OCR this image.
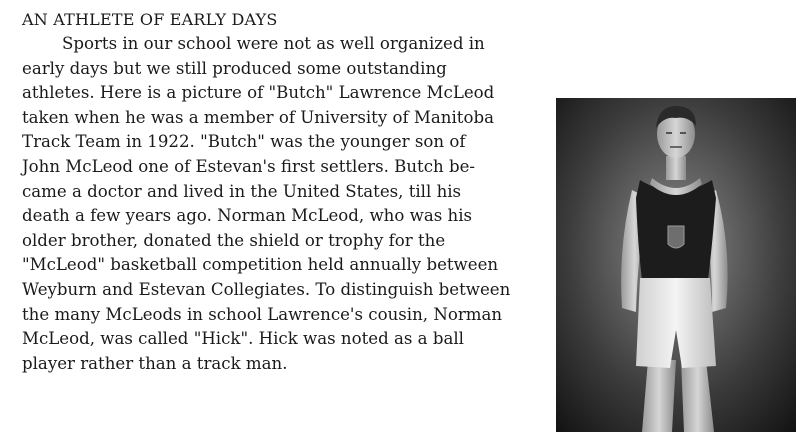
AN ATHLETE OF EARLY DAYS
Sports in our school were not as well organized in
early days but we still produced some outstanding
athletes. Here is a picture of "Butch" Lawrence McLeod
taken when he was a member of University of Manitoba
Track Team in 1922. "Butch" was the younger son of
John McLeod one of Estevan's first settlers. Butch be-
came a doctor and lived in the United States, till his
death a few years ago. Norman McLeod, who was his
older brother, donated the shield or trophy for the
"McLeod" basketball competition held annually between
Weyburn and Estevan Collegiates. To distinguish between
the many McLeods in school Lawrence's cousin, Norman
McLeod, was called "Hick". Hick was noted as a ball
player rather than a track man.
